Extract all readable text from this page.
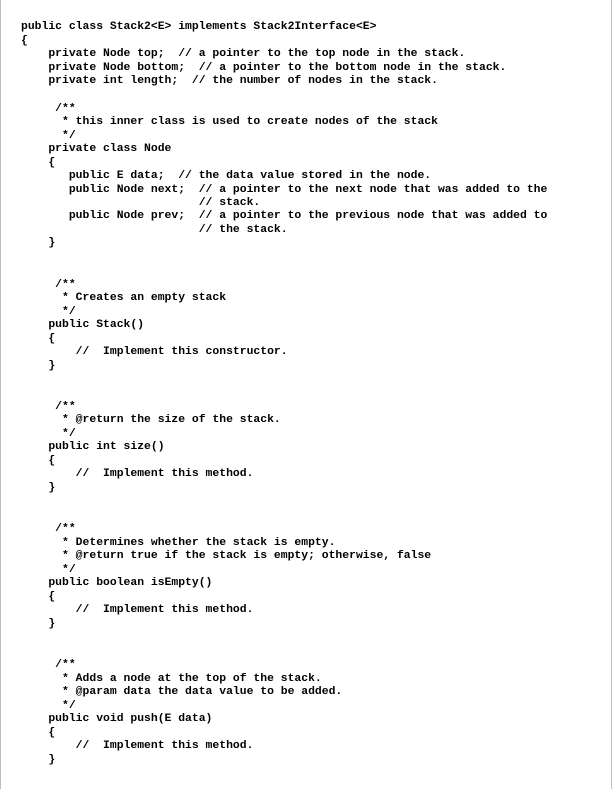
public class Stack2<E> implements Stack2Interface<E>
{
private Node top;  // a pointer to the top node in the stack.
private Node bottom;  // a pointer to the bottom node in the stack.
private int length;  // the number of nodes in the stack.
/**
* this inner class is used to create nodes of the stack
*/
private class Node
{
public E data;  // the data value stored in the node.
public Node next;  // a pointer to the next node that was added to the
// stack.
public Node prev;  // a pointer to the previous node that was added to
// the stack.
}
/**
* Creates an empty stack
*/
public Stack()
{
//  Implement this constructor.
}
/**
* @return the size of the stack.
*/
public int size()
{
//  Implement this method.
}
/**
* Determines whether the stack is empty.
* @return true if the stack is empty; otherwise, false
*/
public boolean isEmpty()
{
//  Implement this method.
}
/**
* Adds a node at the top of the stack.
* @param data the data value to be added.
*/
public void push(E data)
{
//  Implement this method.
}
